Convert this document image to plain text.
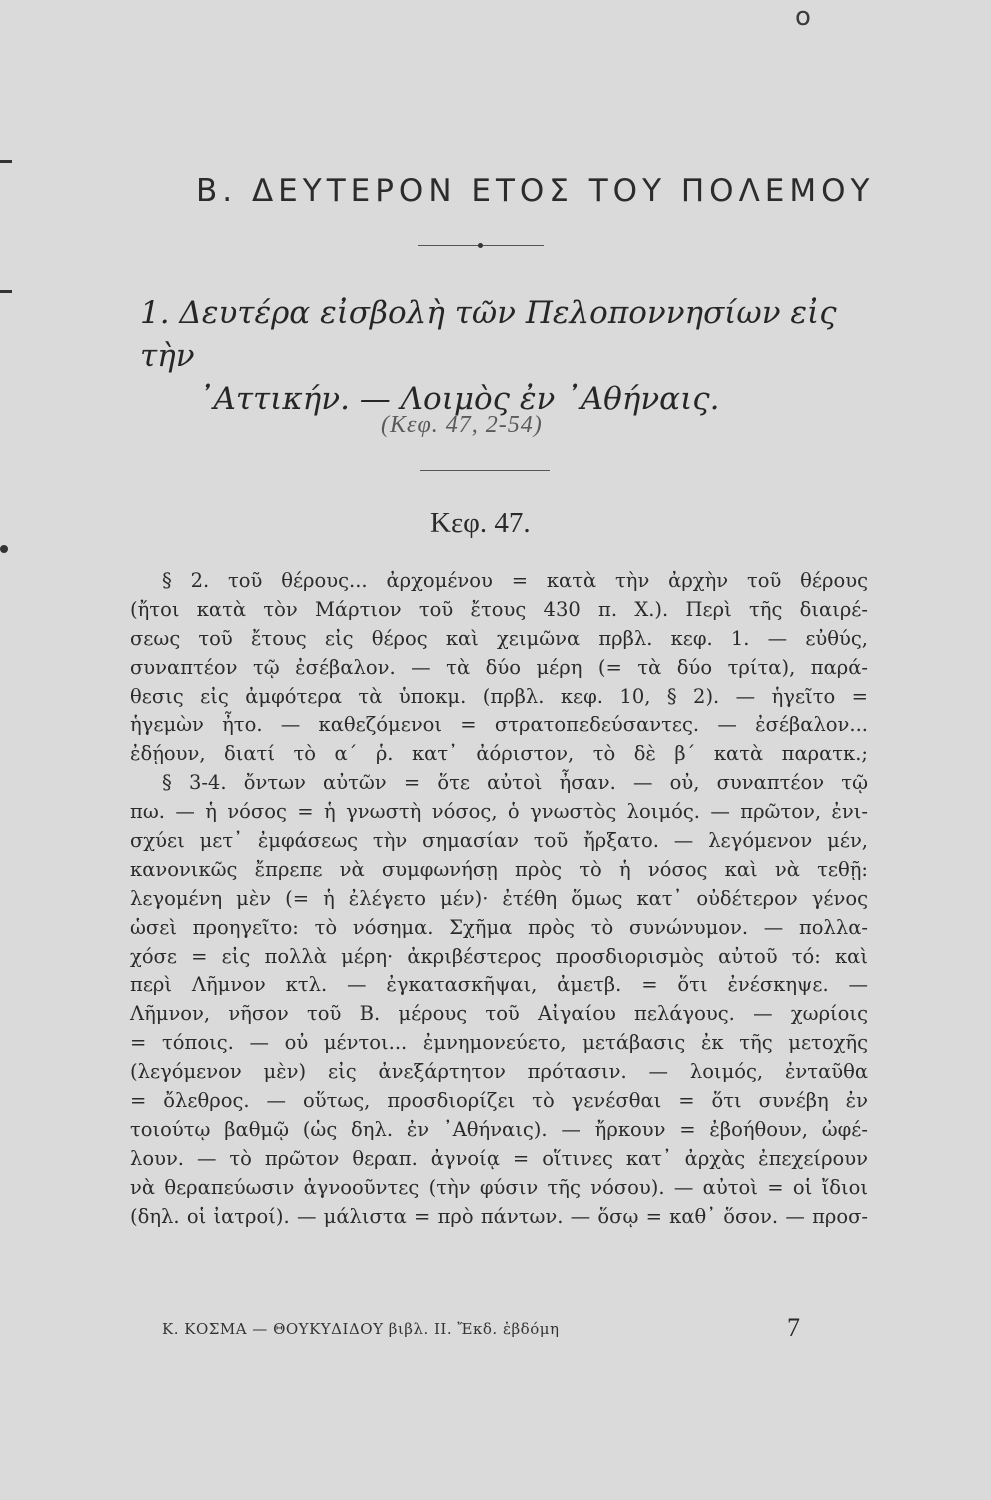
o
B. ΔΕΥΤΕΡΟΝ ΕΤΟΣ ΤΟΥ ΠΟΛΕΜΟΥ
1. Δευτέρα εἰσβολὴ τῶν Πελοποννησίων εἰς τὴν
᾿Αττικήν. — Λοιμὸς ἐν ᾿Αθήναις.
(Κεφ. 47, 2-54)
Κεφ. 47.
§ 2. τοῦ θέρους... ἀρχομένου = κατὰ τὴν ἀρχὴν τοῦ θέρους
(ἤτοι κατὰ τὸν Μάρτιον τοῦ ἔτους 430 π. Χ.). Περὶ τῆς διαιρέ-
σεως τοῦ ἔτους εἰς θέρος καὶ χειμῶνα πρβλ. κεφ. 1. — εὐθύς,
συναπτέον τῷ ἐσέβαλον. — τὰ δύο μέρη (= τὰ δύο τρίτα), παρά-
θεσις εἰς ἀμφότερα τὰ ὑποκμ. (πρβλ. κεφ. 10, § 2). — ἡγεῖτο =
ἡγεμὼν ἦτο. — καθεζόμενοι = στρατοπεδεύσαντες. — ἐσέβαλον...
ἐδῄουν, διατί τὸ α΄ ῥ. κατ᾿ ἀόριστον, τὸ δὲ β΄ κατὰ παρατκ.;
§ 3-4. ὄντων αὐτῶν = ὅτε αὐτοὶ ἦσαν. — οὐ, συναπτέον τῷ
πω. — ἡ νόσος = ἡ γνωστὴ νόσος, ὁ γνωστὸς λοιμός. — πρῶτον, ἐνι-
σχύει μετ᾿ ἐμφάσεως τὴν σημασίαν τοῦ ἤρξατο. — λεγόμενον μέν,
κανονικῶς ἔπρεπε νὰ συμφωνήσῃ πρὸς τὸ ἡ νόσος καὶ νὰ τεθῇ:
λεγομένη μὲν (= ἡ ἐλέγετο μέν)· ἐτέθη ὅμως κατ᾿ οὐδέτερον γένος
ὡσεὶ προηγεῖτο: τὸ νόσημα. Σχῆμα πρὸς τὸ συνώνυμον. — πολλα-
χόσε = εἰς πολλὰ μέρη· ἀκριβέστερος προσδιορισμὸς αὐτοῦ τό: καὶ
περὶ Λῆμνον κτλ. — ἐγκατασκῆψαι, ἀμετβ. = ὅτι ἐνέσκηψε. —
Λῆμνον, νῆσον τοῦ Β. μέρους τοῦ Αἰγαίου πελάγους. — χωρίοις
= τόποις. — οὐ μέντοι... ἐμνημονεύετο, μετάβασις ἐκ τῆς μετοχῆς
(λεγόμενον μὲν) εἰς ἀνεξάρτητον πρότασιν. — λοιμός, ἐνταῦθα
= ὄλεθρος. — οὕτως, προσδιορίζει τὸ γενέσθαι = ὅτι συνέβη ἐν
τοιούτῳ βαθμῷ (ὡς δηλ. ἐν ᾿Αθήναις). — ἤρκουν = ἐβοήθουν, ὠφέ-
λουν. — τὸ πρῶτον θεραπ. ἀγνοίᾳ = οἵτινες κατ᾿ ἀρχὰς ἐπεχείρουν
νὰ θεραπεύωσιν ἀγνοοῦντες (τὴν φύσιν τῆς νόσου). — αὐτοὶ = οἱ ἴδιοι
(δηλ. οἱ ἰατροί). — μάλιστα = πρὸ πάντων. — ὅσῳ = καθ᾿ ὅσον. — προσ-
Κ. ΚΟΣΜΑ — ΘΟΥΚΥΔΙΔΟΥ βιβλ. ΙΙ. Ἔκδ. ἑβδόμη	7
